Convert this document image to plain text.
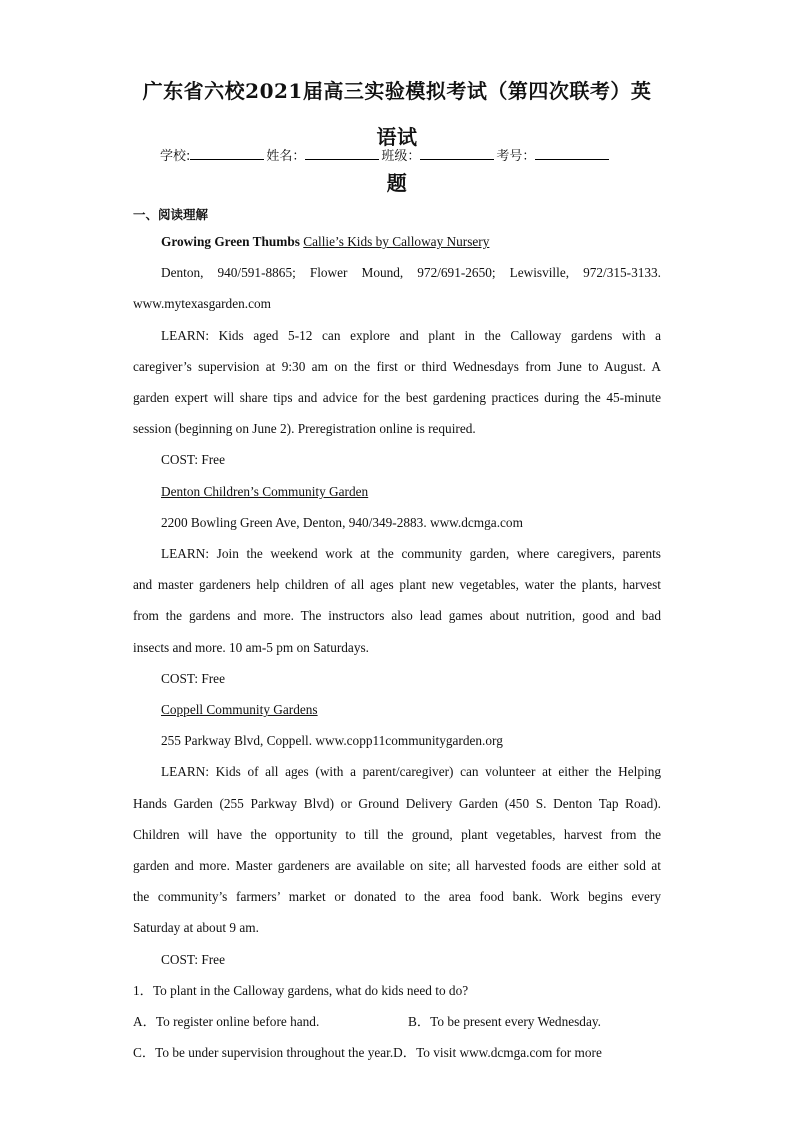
广东省六校2021届高三实验模拟考试（第四次联考）英语试
题
学校:	姓名：	班级：	考号：
一、阅读理解
Growing Green Thumbs Callie’s Kids by Calloway Nursery
Denton, 940/591-8865; Flower Mound, 972/691-2650; Lewisville, 972/315-3133.
www.mytexasgarden.com
LEARN: Kids aged 5-12 can explore and plant in the Calloway gardens with a
caregiver’s supervision at 9:30 am on the first or third Wednesdays from June to August. A
garden expert will share tips and advice for the best gardening practices during the 45-minute
session (beginning on June 2). Preregistration online is required.
COST: Free
Denton Children’s Community Garden
2200 Bowling Green Ave, Denton, 940/349-2883. www.dcmga.com
LEARN: Join the weekend work at the community garden, where caregivers, parents
and master gardeners help children of all ages plant new vegetables, water the plants, harvest
from the gardens and more. The instructors also lead games about nutrition, good and bad
insects and more. 10 am-5 pm on Saturdays.
COST: Free
Coppell Community Gardens
255 Parkway Blvd, Coppell. www.copp11communitygarden.org
LEARN: Kids of all ages (with a parent/caregiver) can volunteer at either the Helping
Hands Garden (255 Parkway Blvd) or Ground Delivery Garden (450 S. Denton Tap Road).
Children will have the opportunity to till the ground, plant vegetables, harvest from the
garden and more. Master gardeners are available on site; all harvested foods are either sold at
the community’s farmers’ market or donated to the area food bank. Work begins every
Saturday at about 9 am.
COST: Free
1．To plant in the Calloway gardens, what do kids need to do?
A．To register online before hand.	B．To be present every Wednesday.
C．To be under supervision throughout the year.D．To visit www.dcmga.com for more
